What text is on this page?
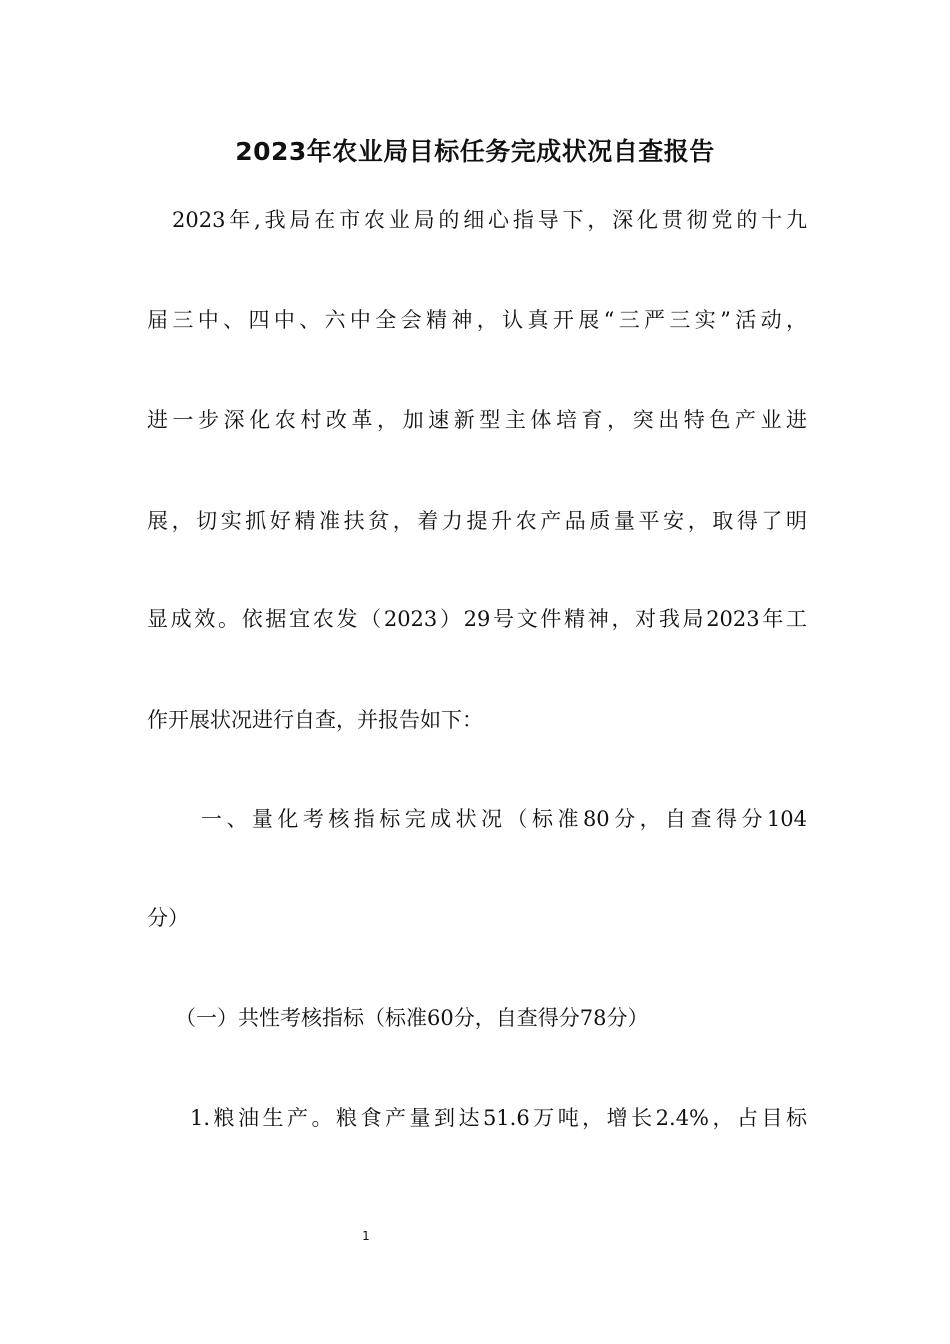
2023年农业局目标任务完成状况自查报告
2023年,我局在市农业局的细心指导下，深化贯彻党的十九
届三中、四中、六中全会精神，认真开展“三严三实”活动，
进一步深化农村改革，加速新型主体培育，突出特色产业进
展，切实抓好精准扶贫，着力提升农产品质量平安，取得了明
显成效。依据宜农发（2023）29号文件精神，对我局2023年工
作开展状况进行自查，并报告如下：
一、量化考核指标完成状况（标准80分，自查得分104
分）
（一）共性考核指标（标准60分，自查得分78分）
1.粮油生产。粮食产量到达51.6万吨，增长2.4%，占目标
1
